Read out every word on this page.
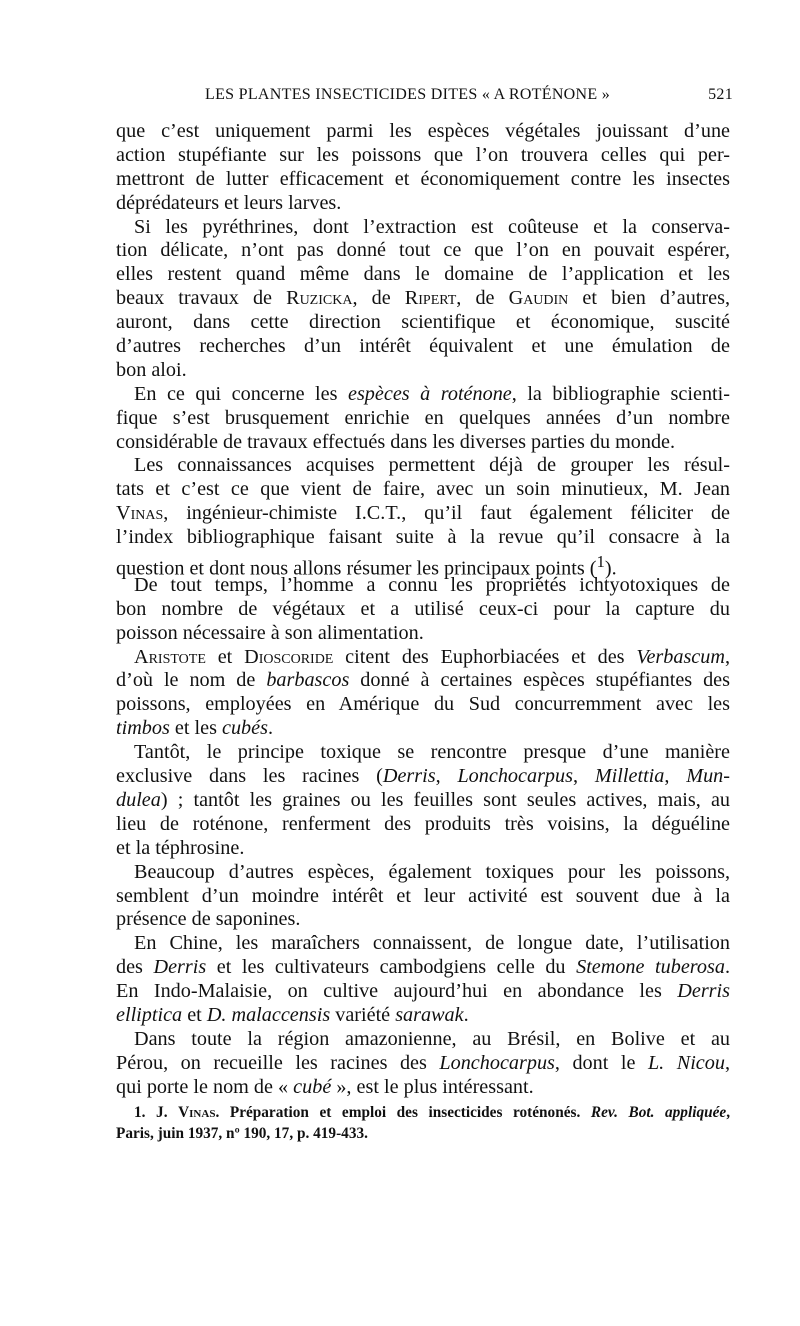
LES PLANTES INSECTICIDES DITES « A ROTÉNONE »	521
que c’est uniquement parmi les espèces végétales jouissant d’une
action stupéfiante sur les poissons que l’on trouvera celles qui per-
mettront de lutter efficacement et économiquement contre les insectes
déprédateurs et leurs larves.
Si les pyréthrines, dont l’extraction est coûteuse et la conserva-
tion délicate, n’ont pas donné tout ce que l’on en pouvait espérer,
elles restent quand même dans le domaine de l’application et les
beaux travaux de Ruzicka, de Ripert, de Gaudin et bien d’autres,
auront, dans cette direction scientifique et économique, suscité
d’autres recherches d’un intérêt équivalent et une émulation de
bon aloi.
En ce qui concerne les espèces à roténone, la bibliographie scienti-
fique s’est brusquement enrichie en quelques années d’un nombre
considérable de travaux effectués dans les diverses parties du monde.
Les connaissances acquises permettent déjà de grouper les résul-
tats et c’est ce que vient de faire, avec un soin minutieux, M. Jean
Vinas, ingénieur-chimiste I.C.T., qu’il faut également féliciter de
l’index bibliographique faisant suite à la revue qu’il consacre à la
question et dont nous allons résumer les principaux points ($^1$).
De tout temps, l’homme a connu les propriétés ichtyotoxiques de
bon nombre de végétaux et a utilisé ceux-ci pour la capture du
poisson nécessaire à son alimentation.
Aristote et Dioscoride citent des Euphorbiacées et des Verbascum,
d’où le nom de barbascos donné à certaines espèces stupéfiantes des
poissons, employées en Amérique du Sud concurremment avec les
timbos et les cubés.
Tantôt, le principe toxique se rencontre presque d’une manière
exclusive dans les racines (Derris, Lonchocarpus, Millettia, Mun-
dulea) ; tantôt les graines ou les feuilles sont seules actives, mais, au
lieu de roténone, renferment des produits très voisins, la déguéline
et la téphrosine.
Beaucoup d’autres espèces, également toxiques pour les poissons,
semblent d’un moindre intérêt et leur activité est souvent due à la
présence de saponines.
En Chine, les maraîchers connaissent, de longue date, l’utilisation
des Derris et les cultivateurs cambodgiens celle du Stemone tuberosa.
En Indo-Malaisie, on cultive aujourd’hui en abondance les Derris
elliptica et D. malaccensis variété sarawak.
Dans toute la région amazonienne, au Brésil, en Bolive et au
Pérou, on recueille les racines des Lonchocarpus, dont le L. Nicou,
qui porte le nom de « cubé », est le plus intéressant.
1. J. Vinas. Préparation et emploi des insecticides roténonés. Rev. Bot. appliquée,
Paris, juin 1937, nº 190, 17, p. 419-433.
